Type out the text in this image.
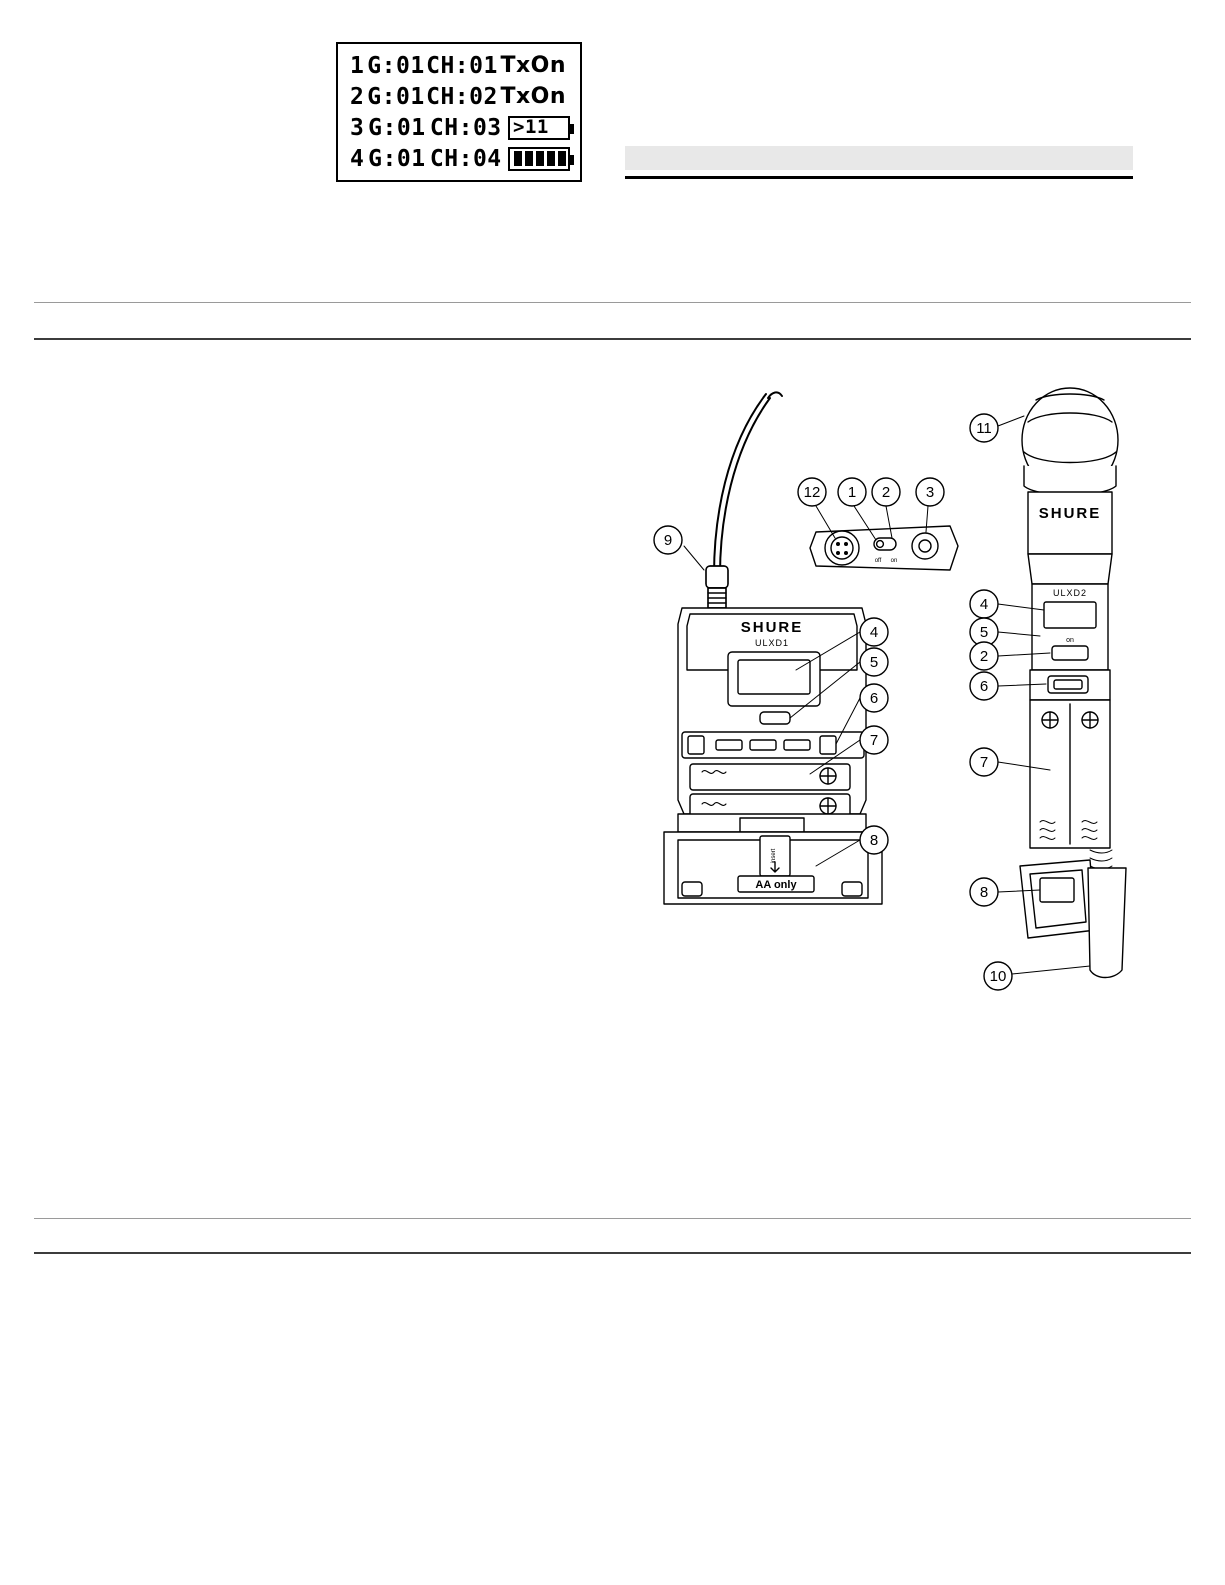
1 G:01 CH:01 TxOn
2 G:01 CH:02 TxOn
3 G:01 CH:03 >11
4 G:01 CH:04
SHURE
ULXD1
insert
AA only
off on
SHURE
ULXD2
on
9
12 1 2 3
4
5
6
7
8
11
4
5
2
6
7
8
10
